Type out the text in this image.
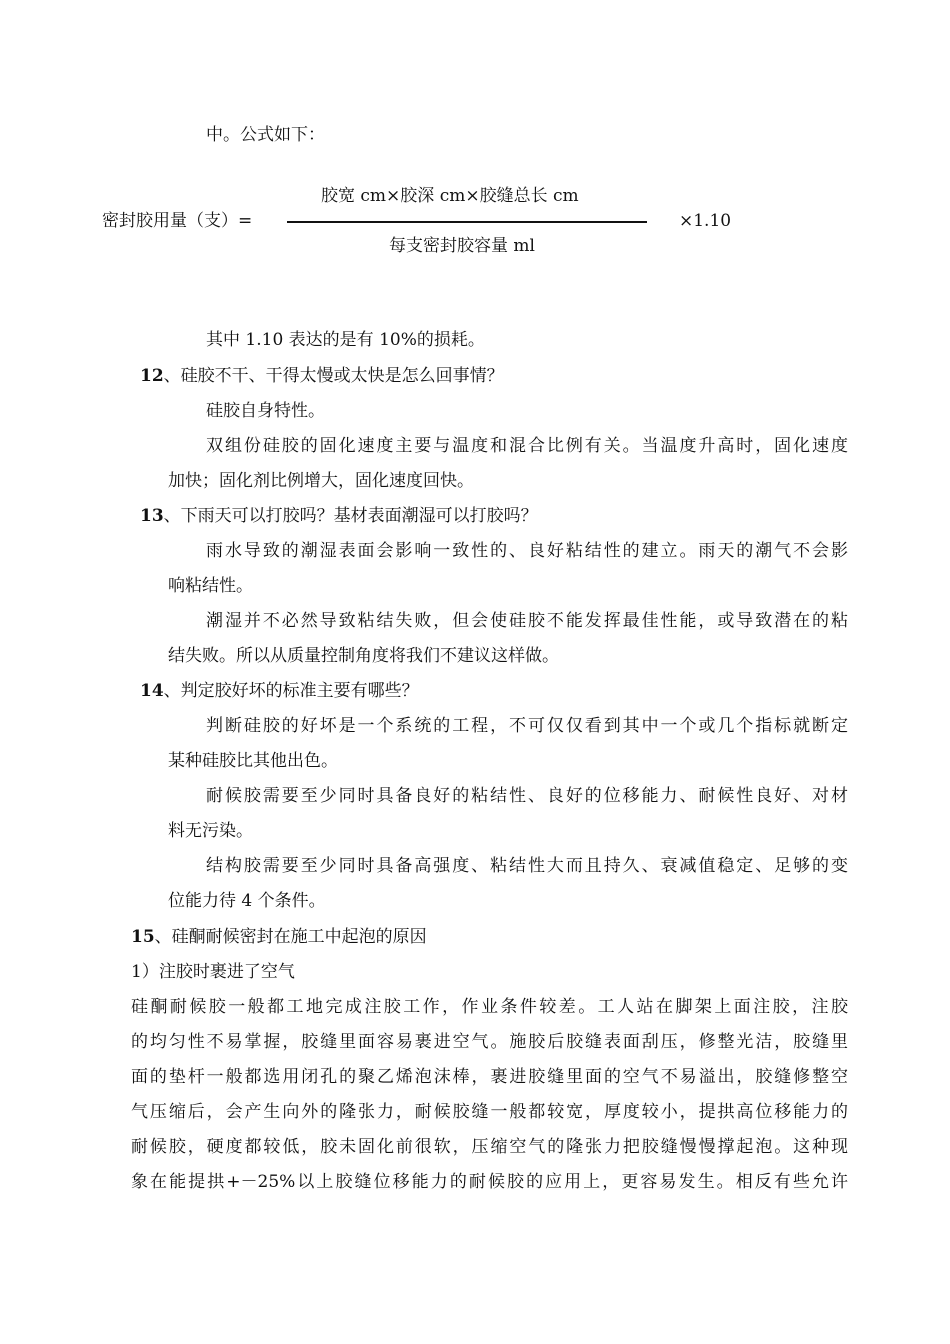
中。公式如下：
密封胶用量（支）=
胶宽 cm×胶深 cm×胶缝总长 cm
每支密封胶容量 ml
×1.10
其中 1.10 表达的是有 10%的损耗。
12、硅胶不干、干得太慢或太快是怎么回事情？
硅胶自身特性。
双组份硅胶的固化速度主要与温度和混合比例有关。当温度升高时，固化速度
加快；固化剂比例增大，固化速度回快。
13、下雨天可以打胶吗？基材表面潮湿可以打胶吗？
雨水导致的潮湿表面会影响一致性的、良好粘结性的建立。雨天的潮气不会影
响粘结性。
潮湿并不必然导致粘结失败，但会使硅胶不能发挥最佳性能，或导致潜在的粘
结失败。所以从质量控制角度将我们不建议这样做。
14、判定胶好坏的标准主要有哪些？
判断硅胶的好坏是一个系统的工程，不可仅仅看到其中一个或几个指标就断定
某种硅胶比其他出色。
耐候胶需要至少同时具备良好的粘结性、良好的位移能力、耐候性良好、对材
料无污染。
结构胶需要至少同时具备高强度、粘结性大而且持久、衰减值稳定、足够的变
位能力待 4 个条件。
15、硅酮耐候密封在施工中起泡的原因
1）注胶时裹进了空气
硅酮耐候胶一般都工地完成注胶工作，作业条件较差。工人站在脚架上面注胶，注胶
的均匀性不易掌握，胶缝里面容易裹进空气。施胶后胶缝表面刮压，修整光洁，胶缝里
面的垫杆一般都选用闭孔的聚乙烯泡沫棒，裹进胶缝里面的空气不易溢出，胶缝修整空
气压缩后，会产生向外的隆张力，耐候胶缝一般都较宽，厚度较小，提拱高位移能力的
耐候胶，硬度都较低，胶未固化前很软，压缩空气的隆张力把胶缝慢慢撑起泡。这种现
象在能提拱+－25%以上胶缝位移能力的耐候胶的应用上，更容易发生。相反有些允许
